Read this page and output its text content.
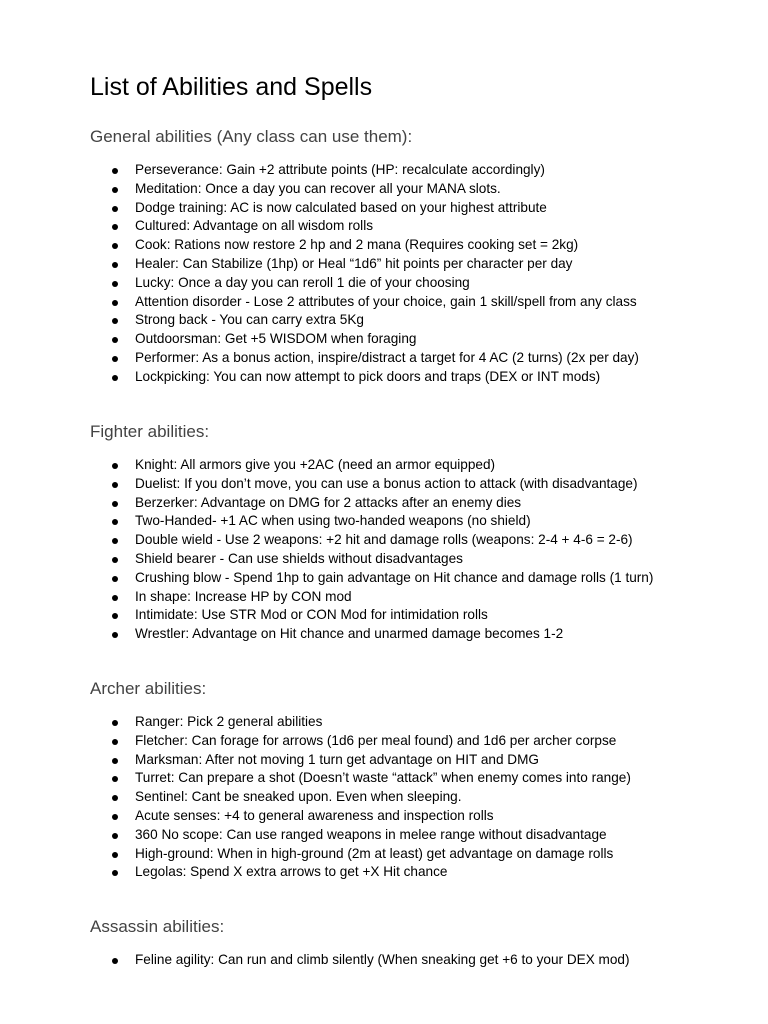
List of Abilities and Spells
General abilities (Any class can use them):
Perseverance: Gain +2 attribute points (HP: recalculate accordingly)
Meditation: Once a day you can recover all your MANA slots.
Dodge training: AC is now calculated based on your highest attribute
Cultured: Advantage on all wisdom rolls
Cook: Rations now restore 2 hp and 2 mana (Requires cooking set = 2kg)
Healer: Can Stabilize (1hp) or Heal “1d6” hit points per character per day
Lucky: Once a day you can reroll 1 die of your choosing
Attention disorder - Lose 2 attributes of your choice, gain 1 skill/spell from any class
Strong back - You can carry extra 5Kg
Outdoorsman: Get +5 WISDOM when foraging
Performer: As a bonus action, inspire/distract a target for 4 AC (2 turns) (2x per day)
Lockpicking: You can now attempt to pick doors and traps (DEX or INT mods)
Fighter abilities:
Knight: All armors give you +2AC (need an armor equipped)
Duelist: If you don’t move, you can use a bonus action to attack (with disadvantage)
Berzerker: Advantage on DMG for 2 attacks after an enemy dies
Two-Handed- +1 AC when using two-handed weapons (no shield)
Double wield - Use 2 weapons: +2 hit and damage rolls (weapons: 2-4 + 4-6 = 2-6)
Shield bearer - Can use shields without disadvantages
Crushing blow - Spend 1hp to gain advantage on Hit chance and damage rolls (1 turn)
In shape: Increase HP by CON mod
Intimidate: Use STR Mod or CON Mod for intimidation rolls
Wrestler: Advantage on Hit chance and unarmed damage becomes 1-2
Archer abilities:
Ranger: Pick 2 general abilities
Fletcher: Can forage for arrows (1d6 per meal found) and 1d6 per archer corpse
Marksman: After not moving 1 turn get advantage on HIT and DMG
Turret: Can prepare a shot (Doesn’t waste “attack” when enemy comes into range)
Sentinel: Cant be sneaked upon. Even when sleeping.
Acute senses: +4 to general awareness and inspection rolls
360 No scope: Can use ranged weapons in melee range without disadvantage
High-ground: When in high-ground (2m at least) get advantage on damage rolls
Legolas: Spend X extra arrows to get +X Hit chance
Assassin abilities:
Feline agility: Can run and climb silently (When sneaking get +6 to your DEX mod)
